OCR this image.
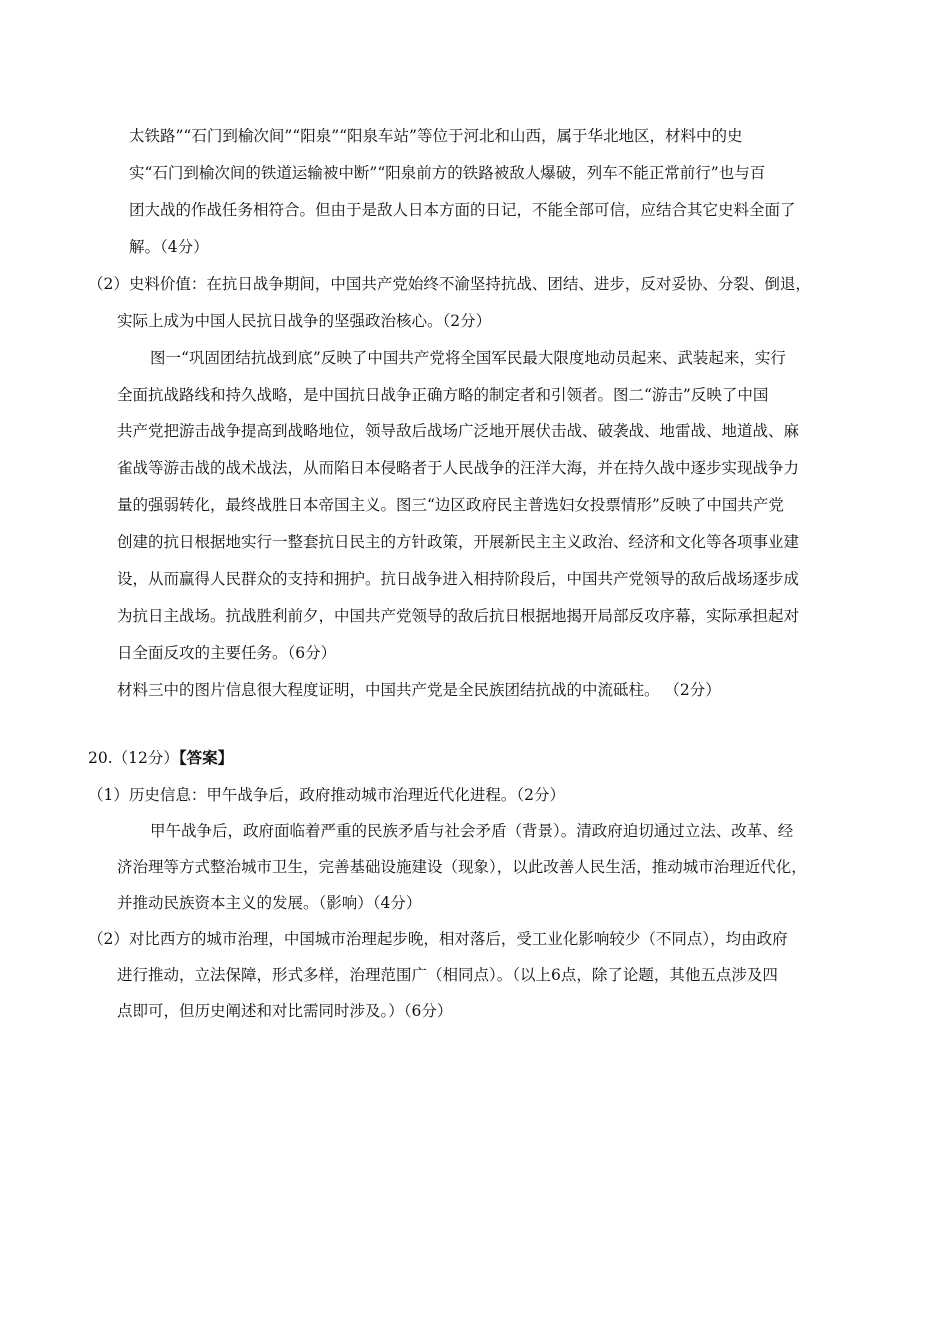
太铁路”“石门到榆次间”“阳泉”“阳泉车站”等位于河北和山西，属于华北地区，材料中的史
实“石门到榆次间的铁道运输被中断”“阳泉前方的铁路被敌人爆破，列车不能正常前行”也与百
团大战的作战任务相符合。但由于是敌人日本方面的日记，不能全部可信，应结合其它史料全面了
解。（4分）
（2）史料价值：在抗日战争期间，中国共产党始终不渝坚持抗战、团结、进步，反对妥协、分裂、倒退，
实际上成为中国人民抗日战争的坚强政治核心。（2分）
图一“巩固团结抗战到底”反映了中国共产党将全国军民最大限度地动员起来、武装起来，实行
全面抗战路线和持久战略，是中国抗日战争正确方略的制定者和引领者。图二“游击”反映了中国
共产党把游击战争提高到战略地位，领导敌后战场广泛地开展伏击战、破袭战、地雷战、地道战、麻
雀战等游击战的战术战法，从而陷日本侵略者于人民战争的汪洋大海，并在持久战中逐步实现战争力
量的强弱转化，最终战胜日本帝国主义。图三“边区政府民主普选妇女投票情形”反映了中国共产党
创建的抗日根据地实行一整套抗日民主的方针政策，开展新民主主义政治、经济和文化等各项事业建
设，从而赢得人民群众的支持和拥护。抗日战争进入相持阶段后，中国共产党领导的敌后战场逐步成
为抗日主战场。抗战胜利前夕，中国共产党领导的敌后抗日根据地揭开局部反攻序幕，实际承担起对
日全面反攻的主要任务。（6分）
材料三中的图片信息很大程度证明，中国共产党是全民族团结抗战的中流砥柱。 （2分）
20.（12分）【答案】
（1）历史信息：甲午战争后，政府推动城市治理近代化进程。（2分）
甲午战争后，政府面临着严重的民族矛盾与社会矛盾（背景）。清政府迫切通过立法、改革、经
济治理等方式整治城市卫生，完善基础设施建设（现象），以此改善人民生活，推动城市治理近代化，
并推动民族资本主义的发展。（影响）（4分）
（2）对比西方的城市治理，中国城市治理起步晚，相对落后，受工业化影响较少（不同点），均由政府
进行推动，立法保障，形式多样，治理范围广（相同点）。（以上6点，除了论题，其他五点涉及四
点即可，但历史阐述和对比需同时涉及。）（6分）
